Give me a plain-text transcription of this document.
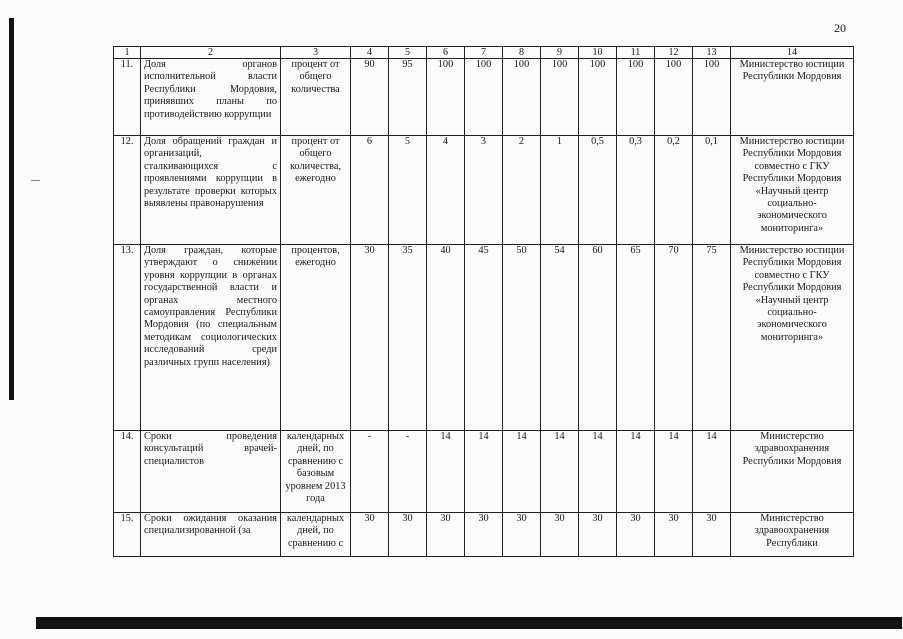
20
1	2	3	4	5	6	7	8	9	10	11	12	13	14
11.	Доля органов исполнительной власти Республики Мордовия, принявших планы по противодействию коррупции	процент от общего количества	90	95	100	100	100	100	100	100	100	100	Министерство юстиции Республики Мордовия
12.	Доля обращений граждан и организаций, сталкивающихся с проявлениями коррупции в результате проверки которых выявлены правонарушения	процент от общего количества, ежегодно	6	5	4	3	2	1	0,5	0,3	0,2	0,1	Министерство юстиции Республики Мордовия совместно с ГКУ Республики Мордовия «Научный центр социально-экономического мониторинга»
13.	Доля граждан, которые утверждают о снижении уровня коррупции в органах государственной власти и органах местного самоуправления Республики Мордовия (по специальным методикам социологических исследований среди различных групп населения)	процентов, ежегодно	30	35	40	45	50	54	60	65	70	75	Министерство юстиции Республики Мордовия совместно с ГКУ Республики Мордовия «Научный центр социально-экономического мониторинга»
14.	Сроки проведения консультаций врачей-специалистов	календарных дней, по сравнению с базовым уровнем 2013 года	-	-	14	14	14	14	14	14	14	14	Министерство здравоохранения Республики Мордовия
15.	Сроки ожидания оказания специализированной (за	календарных дней, по сравнению с	30	30	30	30	30	30	30	30	30	30	Министерство здравоохранения Республики
